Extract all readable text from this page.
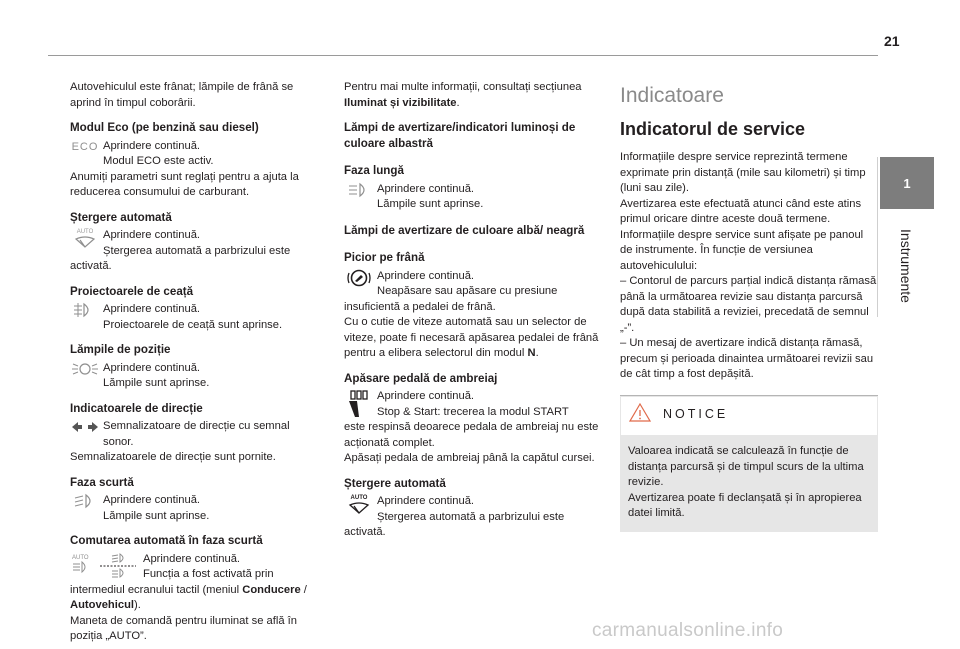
21
1
Instrumente

Autovehiculul este frânat; lămpile de frână se aprind în timpul coborârii.

Modul Eco (pe benzină sau diesel)
ECO Aprindere continuă.
Modul ECO este activ.
Anumiți parametri sunt reglați pentru a ajuta la reducerea consumului de carburant.
Ștergere automată
AUTO Aprindere continuă.
Ștergerea automată a parbrizului este
activată.
Proiectoarele de ceață
Aprindere continuă.
Proiectoarele de ceață sunt aprinse.
Lămpile de poziție
Aprindere continuă.
Lămpile sunt aprinse.
Indicatoarele de direcție
Semnalizatoare de direcție cu semnal
sonor.
Semnalizatoarele de direcție sunt pornite.
Faza scurtă
Aprindere continuă.
Lămpile sunt aprinse.
Comutarea automată în faza scurtă
AUTO	Aprindere continuă.
Funcția a fost activată prin
intermediul ecranului tactil (meniul Conducere / Autovehicul).
Maneta de comandă pentru iluminat se află în poziția „AUTO”.

Pentru mai multe informații, consultați secțiunea Iluminat și vizibilitate.

Lămpi de avertizare/indicatori luminoși de culoare albastră
Faza lungă
Aprindere continuă.
Lămpile sunt aprinse.
Lămpi de avertizare de culoare albă/ neagră
Picior pe frână
Aprindere continuă.
Neapăsare sau apăsare cu presiune
insuficientă a pedalei de frână.
Cu o cutie de viteze automată sau un selector de viteze, poate fi necesară apăsarea pedalei de frână pentru a elibera selectorul din modul N.
Apăsare pedală de ambreiaj
Aprindere continuă.
Stop & Start: trecerea la modul START
este respinsă deoarece pedala de ambreiaj nu este acționată complet.
Apăsați pedala de ambreiaj până la capătul cursei.
Ștergere automată
AUTO Aprindere continuă.
Ștergerea automată a parbrizului este
activată.
Indicatoare
Indicatorul de service
Informațiile despre service reprezintă termene exprimate prin distanță (mile sau kilometri) și timp (luni sau zile).
Avertizarea este efectuată atunci când este atins primul oricare dintre aceste două termene.
Informațiile despre service sunt afișate pe panoul de instrumente. În funcție de versiunea autovehiculului:
– Contorul de parcurs parțial indică distanța rămasă până la următoarea revizie sau distanța parcursă după data stabilită a reviziei, precedată de semnul „-”.
– Un mesaj de avertizare indică distanța rămasă, precum și perioada dinaintea următoarei revizii sau de cât timp a fost depășită.
NOTICE
Valoarea indicată se calculează în funcție de distanța parcursă și de timpul scurs de la ultima revizie.
Avertizarea poate fi declanșată și în apropierea datei limită.
carmanualsonline.info
